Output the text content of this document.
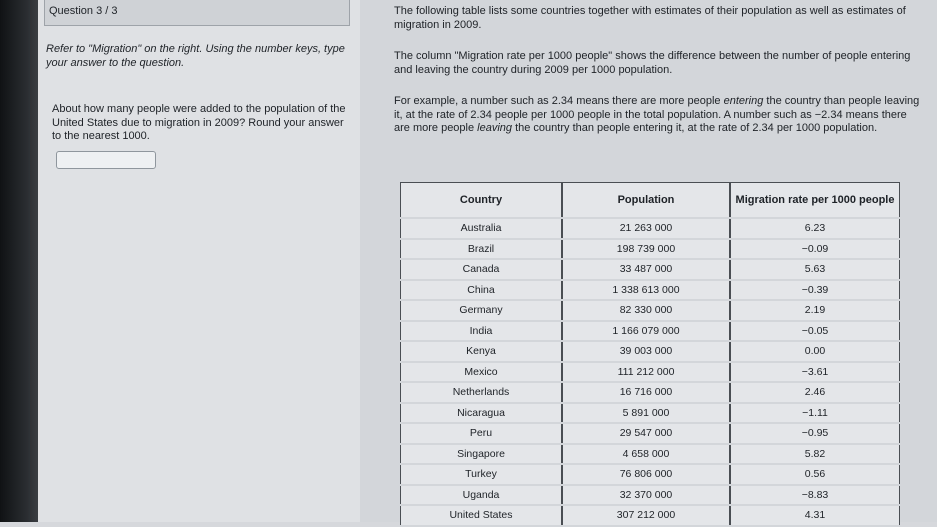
Question 3 / 3
Refer to "Migration" on the right. Using the number keys, type your answer to the question.
About how many people were added to the population of the United States due to migration in 2009? Round your answer to the nearest 1000.
The following table lists some countries together with estimates of their population as well as estimates of migration in 2009.
The column "Migration rate per 1000 people" shows the difference between the number of people entering and leaving the country during 2009 per 1000 population.
For example, a number such as 2.34 means there are more people entering the country than people leaving it, at the rate of 2.34 people per 1000 people in the total population. A number such as −2.34 means there are more people leaving the country than people entering it, at the rate of 2.34 per 1000 population.
Country	Population	Migration rate per 1000 people
Australia	21 263 000	6.23
Brazil	198 739 000	−0.09
Canada	33 487 000	5.63
China	1 338 613 000	−0.39
Germany	82 330 000	2.19
India	1 166 079 000	−0.05
Kenya	39 003 000	0.00
Mexico	111 212 000	−3.61
Netherlands	16 716 000	2.46
Nicaragua	5 891 000	−1.11
Peru	29 547 000	−0.95
Singapore	4 658 000	5.82
Turkey	76 806 000	0.56
Uganda	32 370 000	−8.83
United States	307 212 000	4.31
